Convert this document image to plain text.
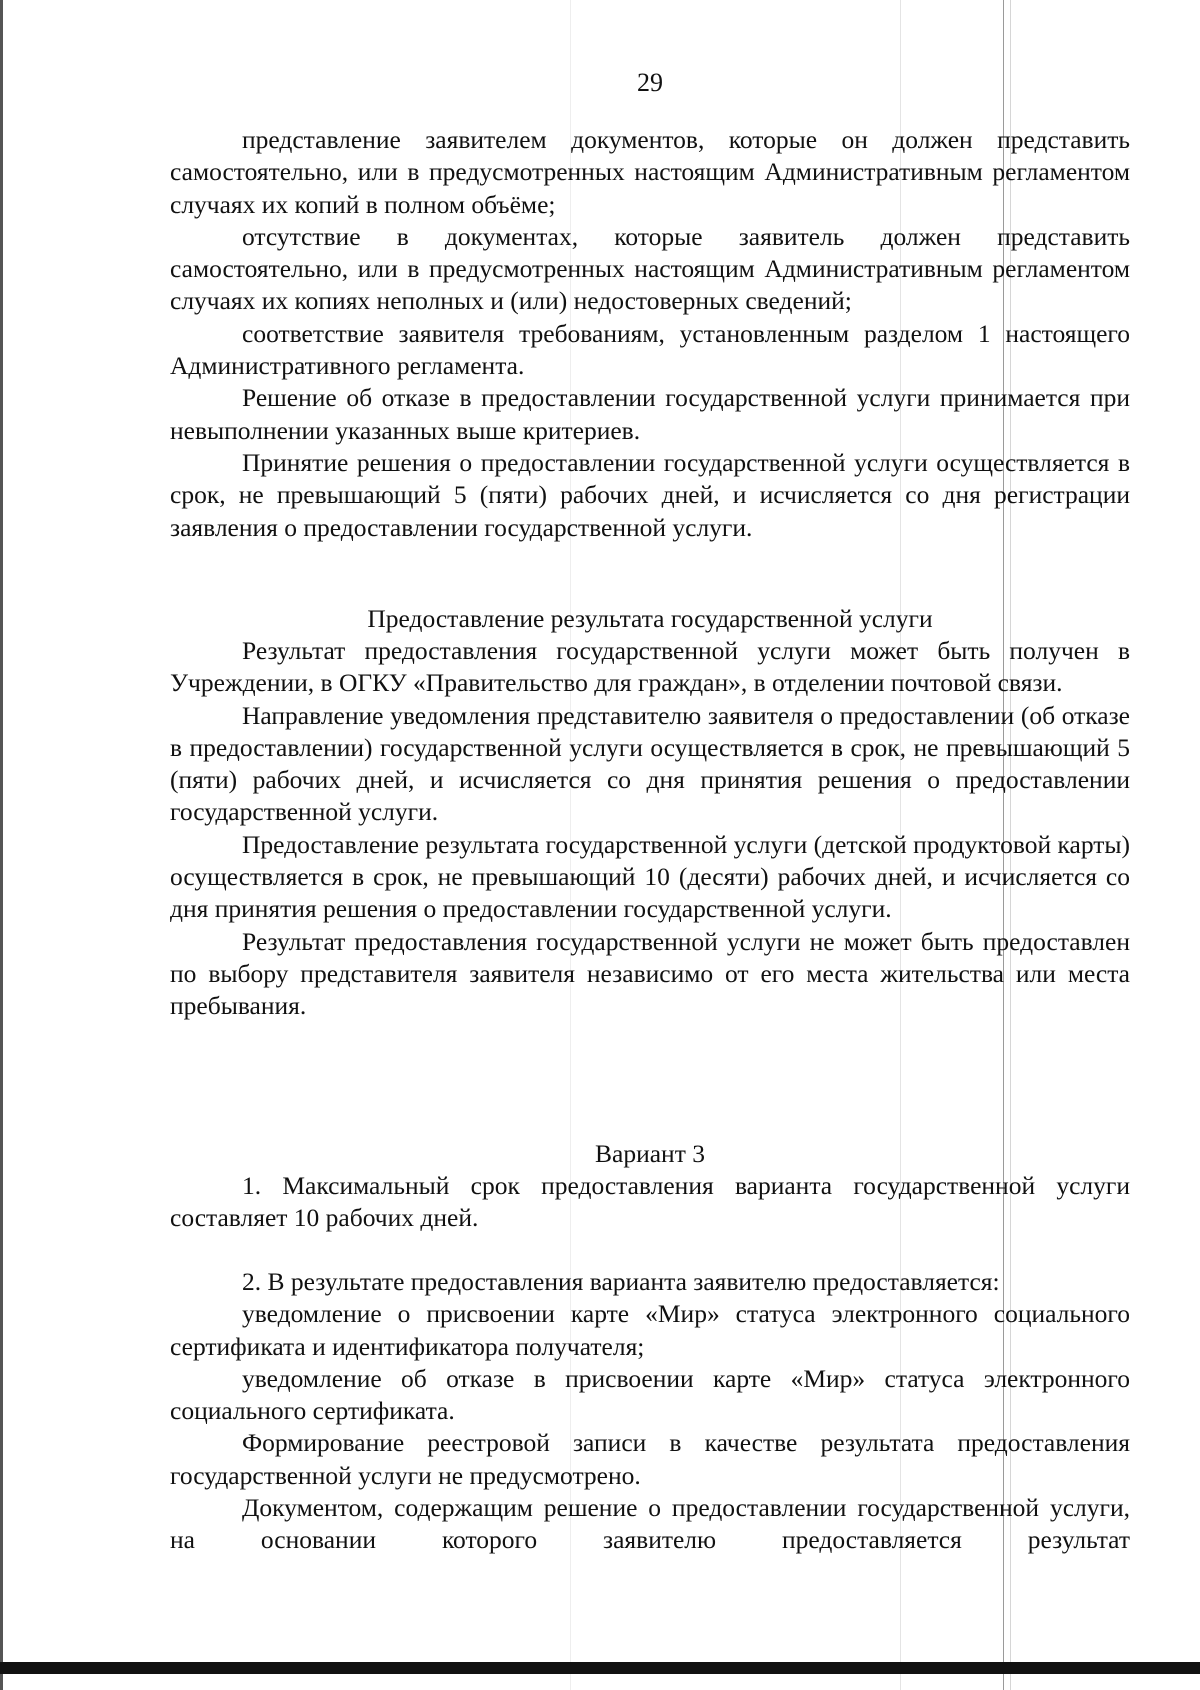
29

представление заявителем документов, которые он должен представить самостоятельно, или в предусмотренных настоящим Административным регламентом случаях их копий в полном объёме;

отсутствие в документах, которые заявитель должен представить самостоятельно, или в предусмотренных настоящим Административным регламентом случаях их копиях неполных и (или) недостоверных сведений;

соответствие заявителя требованиям, установленным разделом 1 настоящего Административного регламента.

Решение об отказе в предоставлении государственной услуги принимается при невыполнении указанных выше критериев.

Принятие решения о предоставлении государственной услуги осуществляется в срок, не превышающий 5 (пяти) рабочих дней, и исчисляется со дня регистрации заявления о предоставлении государственной услуги.

Предоставление результата государственной услуги

Результат предоставления государственной услуги может быть получен в Учреждении, в ОГКУ «Правительство для граждан», в отделении почтовой связи.

Направление уведомления представителю заявителя о предоставлении (об отказе в предоставлении) государственной услуги осуществляется в срок, не превышающий 5 (пяти) рабочих дней, и исчисляется со дня принятия решения о предоставлении государственной услуги.

Предоставление результата государственной услуги (детской продуктовой карты) осуществляется в срок, не превышающий 10 (десяти) рабочих дней, и исчисляется со дня принятия решения о предоставлении государственной услуги.

Результат предоставления государственной услуги не может быть предоставлен по выбору представителя заявителя независимо от его места жительства или места пребывания.

Вариант 3

1. Максимальный срок предоставления варианта государственной услуги составляет 10 рабочих дней.

2. В результате предоставления варианта заявителю предоставляется:

уведомление о присвоении карте «Мир» статуса электронного социального сертификата и идентификатора получателя;

уведомление об отказе в присвоении карте «Мир» статуса электронного социального сертификата.

Формирование реестровой записи в качестве результата предоставления государственной услуги не предусмотрено.

Документом, содержащим решение о предоставлении государственной услуги, на основании которого заявителю предоставляется результат
